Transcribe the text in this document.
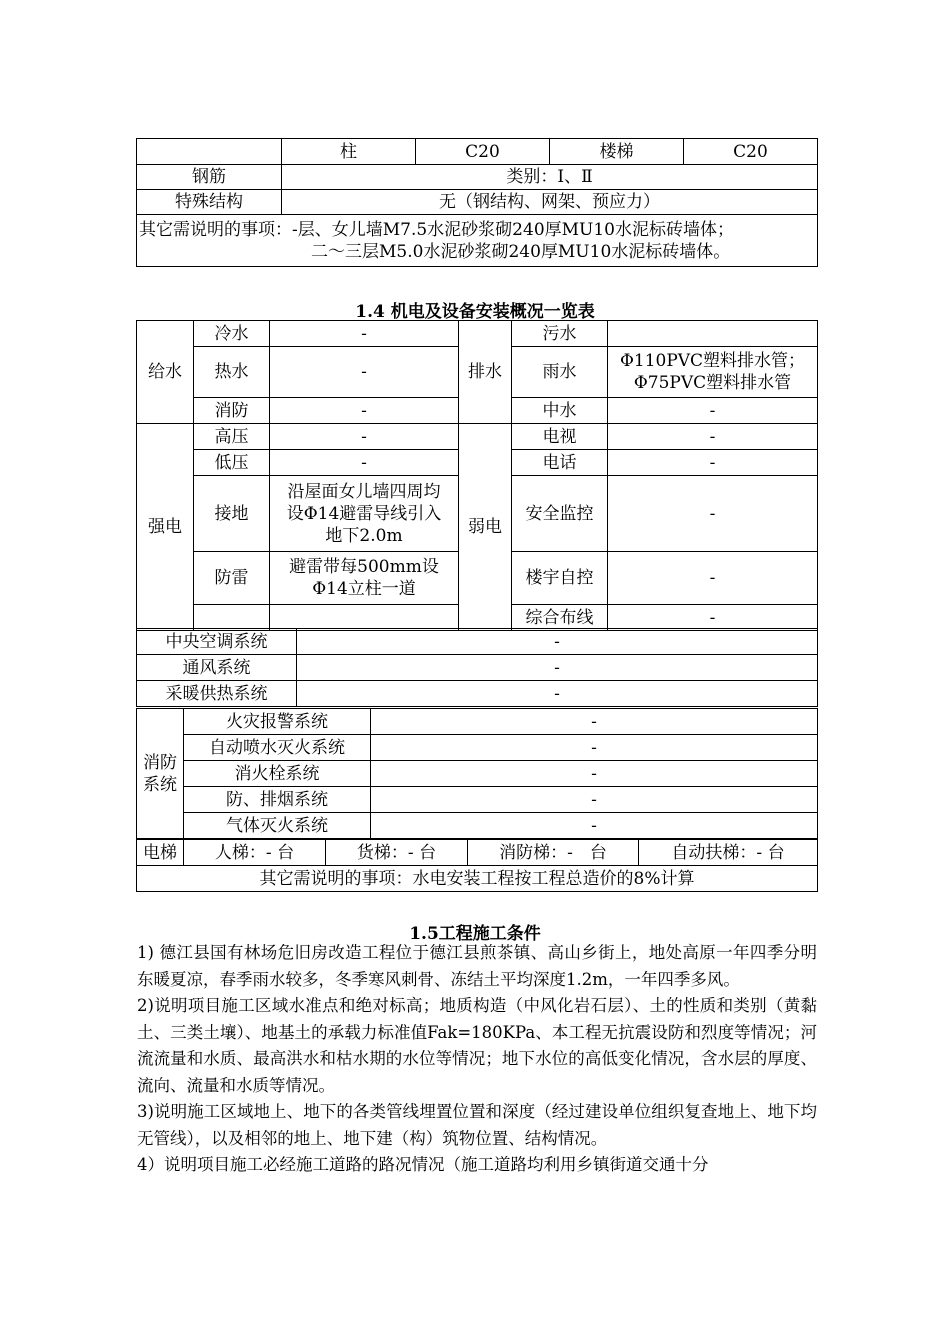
	柱	C20	楼梯	C20
钢筋	类别：Ⅰ、Ⅱ			
特殊结构	无（钢结构、网架、预应力）			

其它需说明的事项：-层、女儿墙M7.5水泥砂浆砌240厚MU10水泥标砖墙体；
二～三层M5.0水泥砂浆砌240厚MU10水泥标砖墙体。				
1.4 机电及设备安装概况一览表
给水	冷水	-	排水	污水	
	热水	-		雨水	Φ110PVC塑料排水管；
Φ75PVC塑料排水管

	消防	-		中水	-
强电	高压	-	弱电	电视	-
	低压	-		电话	-
	接地	沿屋面女儿墙四周均
设Φ14避雷导线引入
地下2.0m		安全监控	-
	防雷	避雷带每500mm设
Φ14立柱一道		楼宇自控	-
				综合布线	-
中央空调系统	-
通风系统	-
采暖供热系统	-
消防
系统	火灾报警系统	-
	自动喷水灭火系统	-
	消火栓系统	-
	防、排烟系统	-
	气体灭火系统	-
电梯	人梯：- 台	货梯：- 台	消防梯：-　台	自动扶梯：- 台
其它需说明的事项：水电安装工程按工程总造价的8%计算
1.5工程施工条件

1) 德江县国有林场危旧房改造工程位于德江县煎茶镇、高山乡街上，地处高原一年四季分明东暖夏凉，春季雨水较多，冬季寒风刺骨、冻结土平均深度1.2m，一年四季多风。

2)说明项目施工区域水准点和绝对标高；地质构造（中风化岩石层）、土的性质和类别（黄黏土、三类土壤）、地基土的承载力标准值Fak=180KPa、本工程无抗震设防和烈度等情况；河流流量和水质、最高洪水和枯水期的水位等情况；地下水位的高低变化情况，含水层的厚度、流向、流量和水质等情况。

3)说明施工区域地上、地下的各类管线埋置位置和深度（经过建设单位组织复查地上、地下均无管线），以及相邻的地上、地下建（构）筑物位置、结构情况。

4）说明项目施工必经施工道路的路况情况（施工道路均利用乡镇街道交通十分
